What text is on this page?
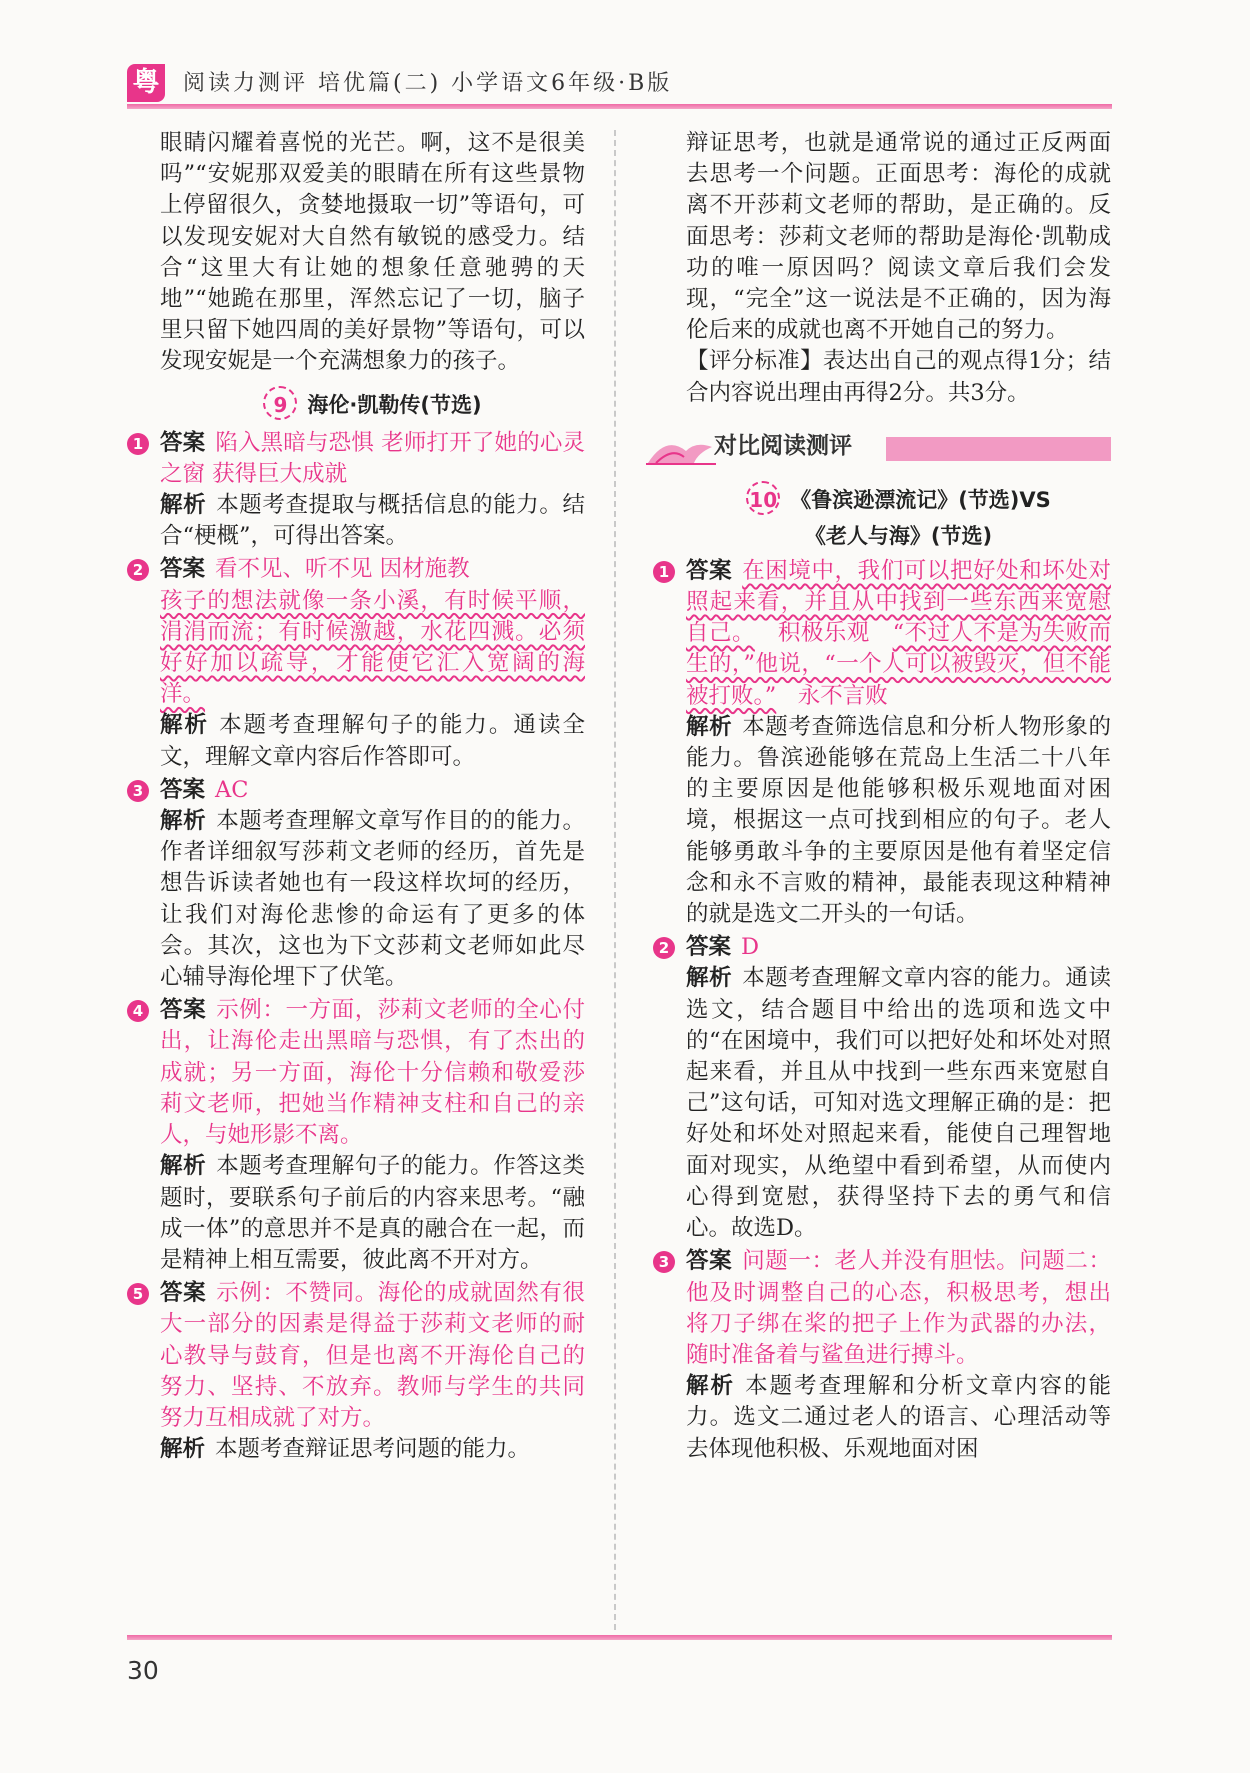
粤 阅读力测评 培优篇(二) 小学语文6年级·B版

眼睛闪耀着喜悦的光芒。啊，这不是很美吗”“安妮那双爱美的眼睛在所有这些景物上停留很久，贪婪地摄取一切”等语句，可以发现安妮对大自然有敏锐的感受力。结合“这里大有让她的想象任意驰骋的天地”“她跪在那里，浑然忘记了一切，脑子里只留下她四周的美好景物”等语句，可以发现安妮是一个充满想象力的孩子。

9 海伦·凯勒传(节选)
1 答案 陷入黑暗与恐惧 老师打开了她的心灵之窗 获得巨大成就

解析 本题考查提取与概括信息的能力。结合“梗概”，可得出答案。

2 答案 看不见、听不见 因材施教
孩子的想法就像一条小溪，有时候平顺，涓涓而流；有时候激越，水花四溅。必须好好加以疏导，才能使它汇入宽阔的海洋。

解析 本题考查理解句子的能力。通读全文，理解文章内容后作答即可。

3 答案 AC

解析 本题考查理解文章写作目的的能力。作者详细叙写莎莉文老师的经历，首先是想告诉读者她也有一段这样坎坷的经历，让我们对海伦悲惨的命运有了更多的体会。其次，这也为下文莎莉文老师如此尽心辅导海伦埋下了伏笔。

4 答案 示例：一方面，莎莉文老师的全心付出，让海伦走出黑暗与恐惧，有了杰出的成就；另一方面，海伦十分信赖和敬爱莎莉文老师，把她当作精神支柱和自己的亲人，与她形影不离。

解析 本题考查理解句子的能力。作答这类题时，要联系句子前后的内容来思考。“融成一体”的意思并不是真的融合在一起，而是精神上相互需要，彼此离不开对方。

5 答案 示例：不赞同。海伦的成就固然有很大一部分的因素是得益于莎莉文老师的耐心教导与鼓育，但是也离不开海伦自己的努力、坚持、不放弃。教师与学生的共同努力互相成就了对方。

解析 本题考查辩证思考问题的能力。

辩证思考，也就是通常说的通过正反两面去思考一个问题。正面思考：海伦的成就离不开莎莉文老师的帮助，是正确的。反面思考：莎莉文老师的帮助是海伦·凯勒成功的唯一原因吗？阅读文章后我们会发现，“完全”这一说法是不正确的，因为海伦后来的成就也离不开她自己的努力。

【评分标准】表达出自己的观点得1分；结合内容说出理由再得2分。共3分。

对比阅读测评
10 《鲁滨逊漂流记》(节选)VS
《老人与海》(节选)
1 答案 在困境中，我们可以把好处和坏处对照起来看，并且从中找到一些东西来宽慰自己。   积极乐观   “不过人不是为失败而生的，”他说，“一个人可以被毁灭，但不能被打败。”   永不言败

解析 本题考查筛选信息和分析人物形象的能力。鲁滨逊能够在荒岛上生活二十八年的主要原因是他能够积极乐观地面对困境，根据这一点可找到相应的句子。老人能够勇敢斗争的主要原因是他有着坚定信念和永不言败的精神，最能表现这种精神的就是选文二开头的一句话。

2 答案 D

解析 本题考查理解文章内容的能力。通读选文，结合题目中给出的选项和选文中的“在困境中，我们可以把好处和坏处对照起来看，并且从中找到一些东西来宽慰自己”这句话，可知对选文理解正确的是：把好处和坏处对照起来看，能使自己理智地面对现实，从绝望中看到希望，从而使内心得到宽慰，获得坚持下去的勇气和信心。故选D。

3 答案 问题一：老人并没有胆怯。问题二：他及时调整自己的心态，积极思考，想出将刀子绑在桨的把子上作为武器的办法，随时准备着与鲨鱼进行搏斗。

解析 本题考查理解和分析文章内容的能力。选文二通过老人的语言、心理活动等去体现他积极、乐观地面对困

30
